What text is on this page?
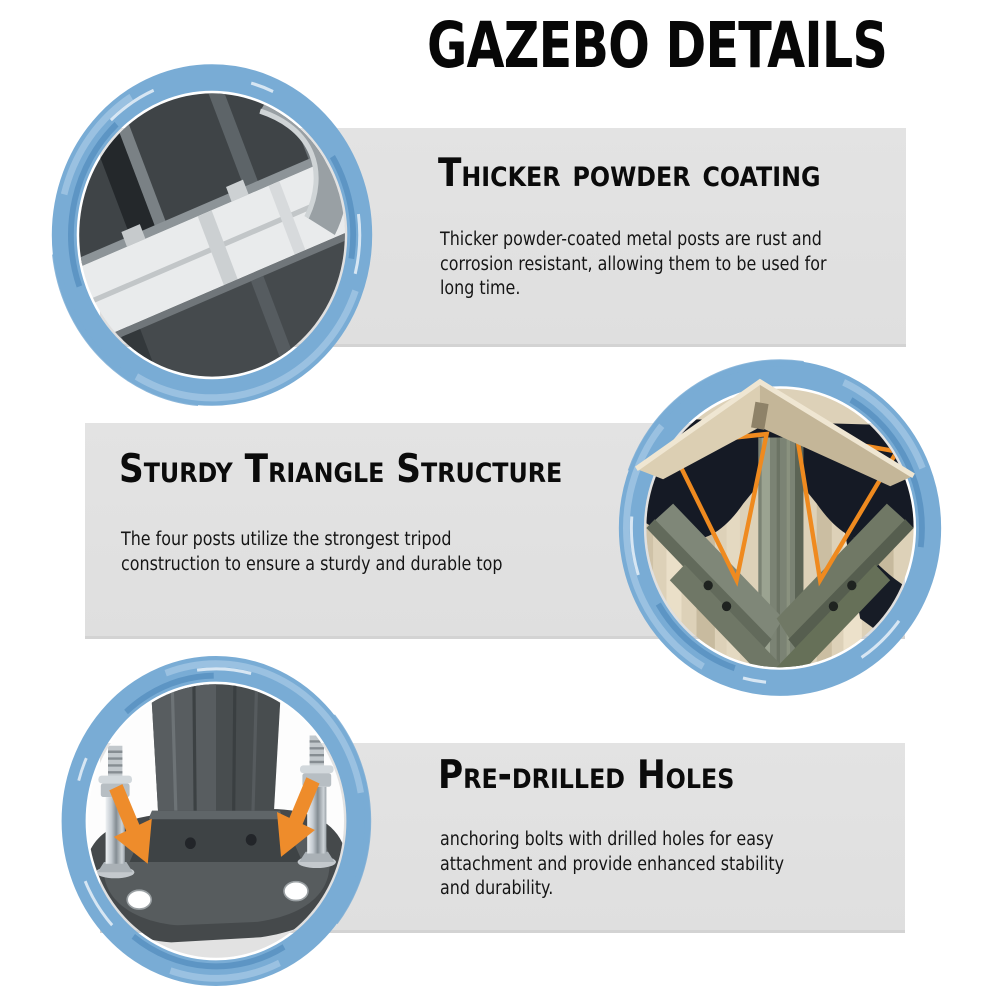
GAZEBO DETAILS
Thicker powder coating
Thicker powder-coated metal posts are rust and
corrosion resistant, allowing them to be used for
long time.
Sturdy Triangle Structure
The four posts utilize the strongest tripod
construction to ensure a sturdy and durable top
Pre-drilled Holes
anchoring bolts with drilled holes for easy
attachment and provide enhanced stability
and durability.
